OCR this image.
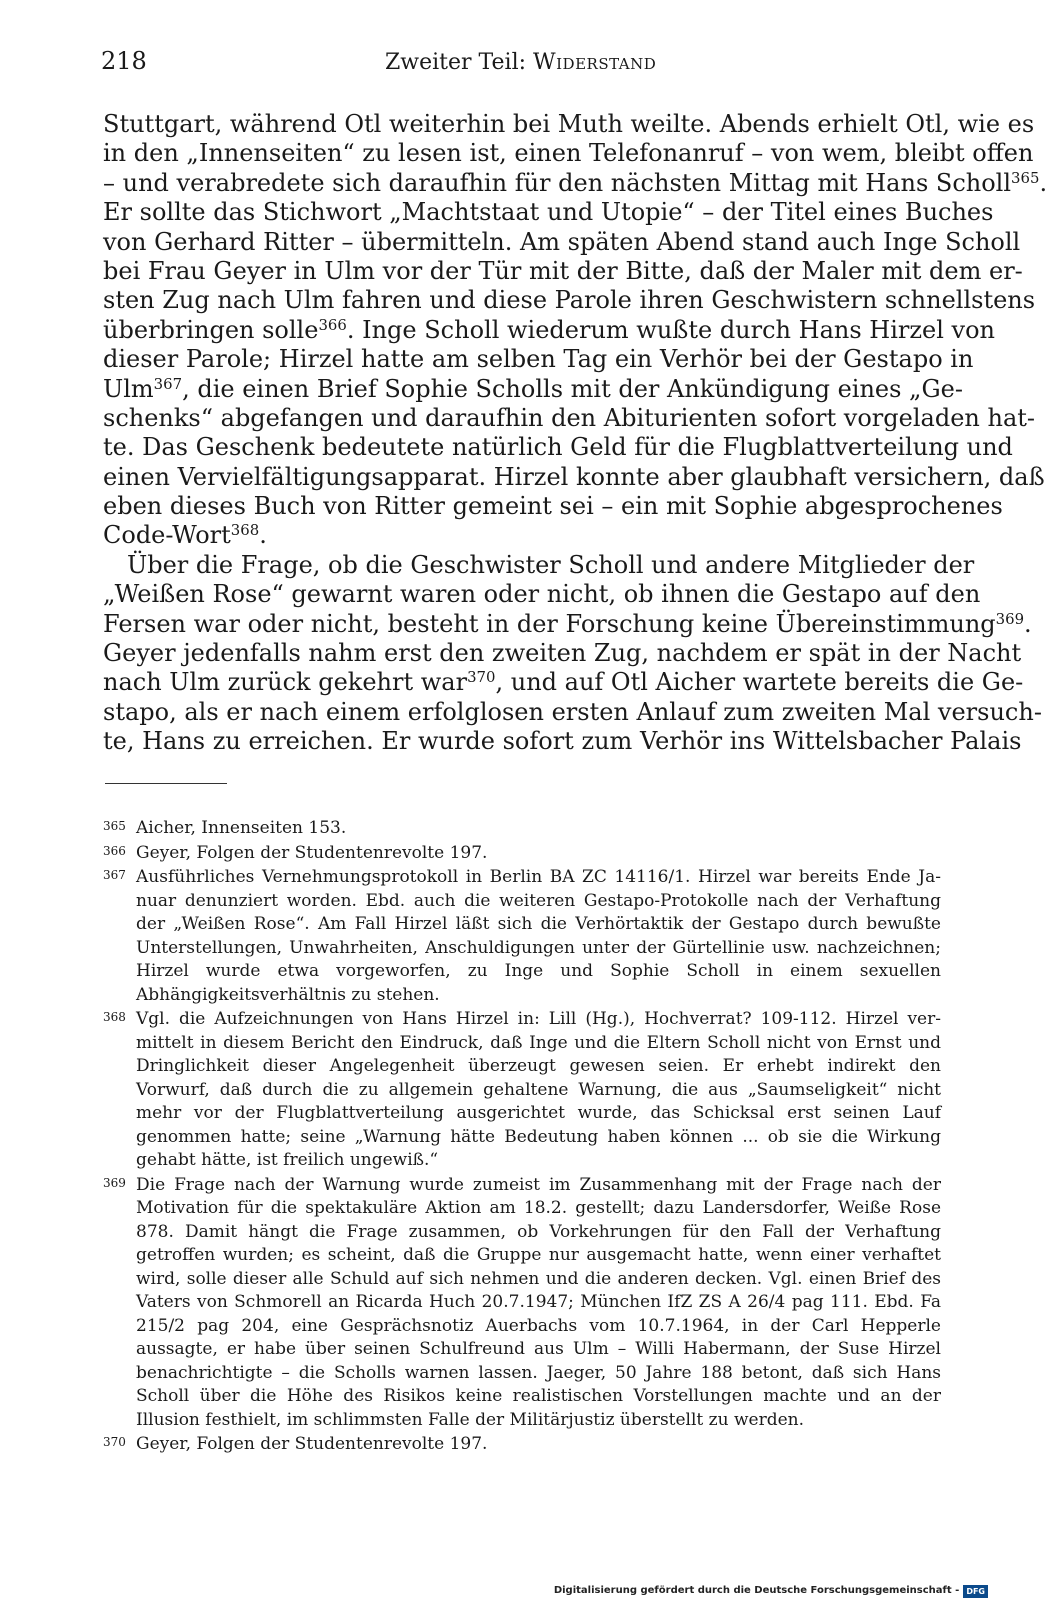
218	Zweiter Teil: Widerstand
Stuttgart, während Otl weiterhin bei Muth weilte. Abends erhielt Otl, wie es
in den „Innenseiten“ zu lesen ist, einen Telefonanruf – von wem, bleibt offen
– und verabredete sich daraufhin für den nächsten Mittag mit Hans Scholl$^{365}$.
Er sollte das Stichwort „Machtstaat und Utopie“ – der Titel eines Buches
von Gerhard Ritter – übermitteln. Am späten Abend stand auch Inge Scholl
bei Frau Geyer in Ulm vor der Tür mit der Bitte, daß der Maler mit dem er-
sten Zug nach Ulm fahren und diese Parole ihren Geschwistern schnellstens
überbringen solle$^{366}$. Inge Scholl wiederum wußte durch Hans Hirzel von
dieser Parole; Hirzel hatte am selben Tag ein Verhör bei der Gestapo in
Ulm$^{367}$, die einen Brief Sophie Scholls mit der Ankündigung eines „Ge-
schenks“ abgefangen und daraufhin den Abiturienten sofort vorgeladen hat-
te. Das Geschenk bedeutete natürlich Geld für die Flugblattverteilung und
einen Vervielfältigungsapparat. Hirzel konnte aber glaubhaft versichern, daß
eben dieses Buch von Ritter gemeint sei – ein mit Sophie abgesprochenes
Code-Wort$^{368}$.
Über die Frage, ob die Geschwister Scholl und andere Mitglieder der
„Weißen Rose“ gewarnt waren oder nicht, ob ihnen die Gestapo auf den
Fersen war oder nicht, besteht in der Forschung keine Übereinstimmung$^{369}$.
Geyer jedenfalls nahm erst den zweiten Zug, nachdem er spät in der Nacht
nach Ulm zurück gekehrt war$^{370}$, und auf Otl Aicher wartete bereits die Ge-
stapo, als er nach einem erfolglosen ersten Anlauf zum zweiten Mal versuch-
te, Hans zu erreichen. Er wurde sofort zum Verhör ins Wittelsbacher Palais
365 Aicher, Innenseiten 153.
366 Geyer, Folgen der Studentenrevolte 197.
367 Ausführliches Vernehmungsprotokoll in Berlin BA ZC 14116/1. Hirzel war bereits Ende Januar denunziert worden. Ebd. auch die weiteren Gestapo-Protokolle nach der Verhaftung der „Weißen Rose“. Am Fall Hirzel läßt sich die Verhörtaktik der Gestapo durch bewußte Unterstellungen, Unwahrheiten, Anschuldigungen unter der Gürtellinie usw. nachzeichnen; Hirzel wurde etwa vorgeworfen, zu Inge und Sophie Scholl in einem sexuellen Abhängigkeitsverhältnis zu stehen.
368 Vgl. die Aufzeichnungen von Hans Hirzel in: Lill (Hg.), Hochverrat? 109-112. Hirzel vermittelt in diesem Bericht den Eindruck, daß Inge und die Eltern Scholl nicht von Ernst und Dringlichkeit dieser Angelegenheit überzeugt gewesen seien. Er erhebt indirekt den Vorwurf, daß durch die zu allgemein gehaltene Warnung, die aus „Saumseligkeit“ nicht mehr vor der Flugblattverteilung ausgerichtet wurde, das Schicksal erst seinen Lauf genommen hatte; seine „Warnung hätte Bedeutung haben können ... ob sie die Wirkung gehabt hätte, ist freilich ungewiß.“
369 Die Frage nach der Warnung wurde zumeist im Zusammenhang mit der Frage nach der Motivation für die spektakuläre Aktion am 18.2. gestellt; dazu Landersdorfer, Weiße Rose 878. Damit hängt die Frage zusammen, ob Vorkehrungen für den Fall der Verhaftung getroffen wurden; es scheint, daß die Gruppe nur ausgemacht hatte, wenn einer verhaftet wird, solle dieser alle Schuld auf sich nehmen und die anderen decken. Vgl. einen Brief des Vaters von Schmorell an Ricarda Huch 20.7.1947; München IfZ ZS A 26/4 pag 111. Ebd. Fa 215/2 pag 204, eine Gesprächsnotiz Auerbachs vom 10.7.1964, in der Carl Hepperle aussagte, er habe über seinen Schulfreund aus Ulm – Willi Habermann, der Suse Hirzel benachrichtigte – die Scholls warnen lassen. Jaeger, 50 Jahre 188 betont, daß sich Hans Scholl über die Höhe des Risikos keine realistischen Vorstellungen machte und an der Illusion festhielt, im schlimmsten Falle der Militärjustiz überstellt zu werden.
370 Geyer, Folgen der Studentenrevolte 197.
Digitalisierung gefördert durch die Deutsche Forschungsgemeinschaft - DFG
